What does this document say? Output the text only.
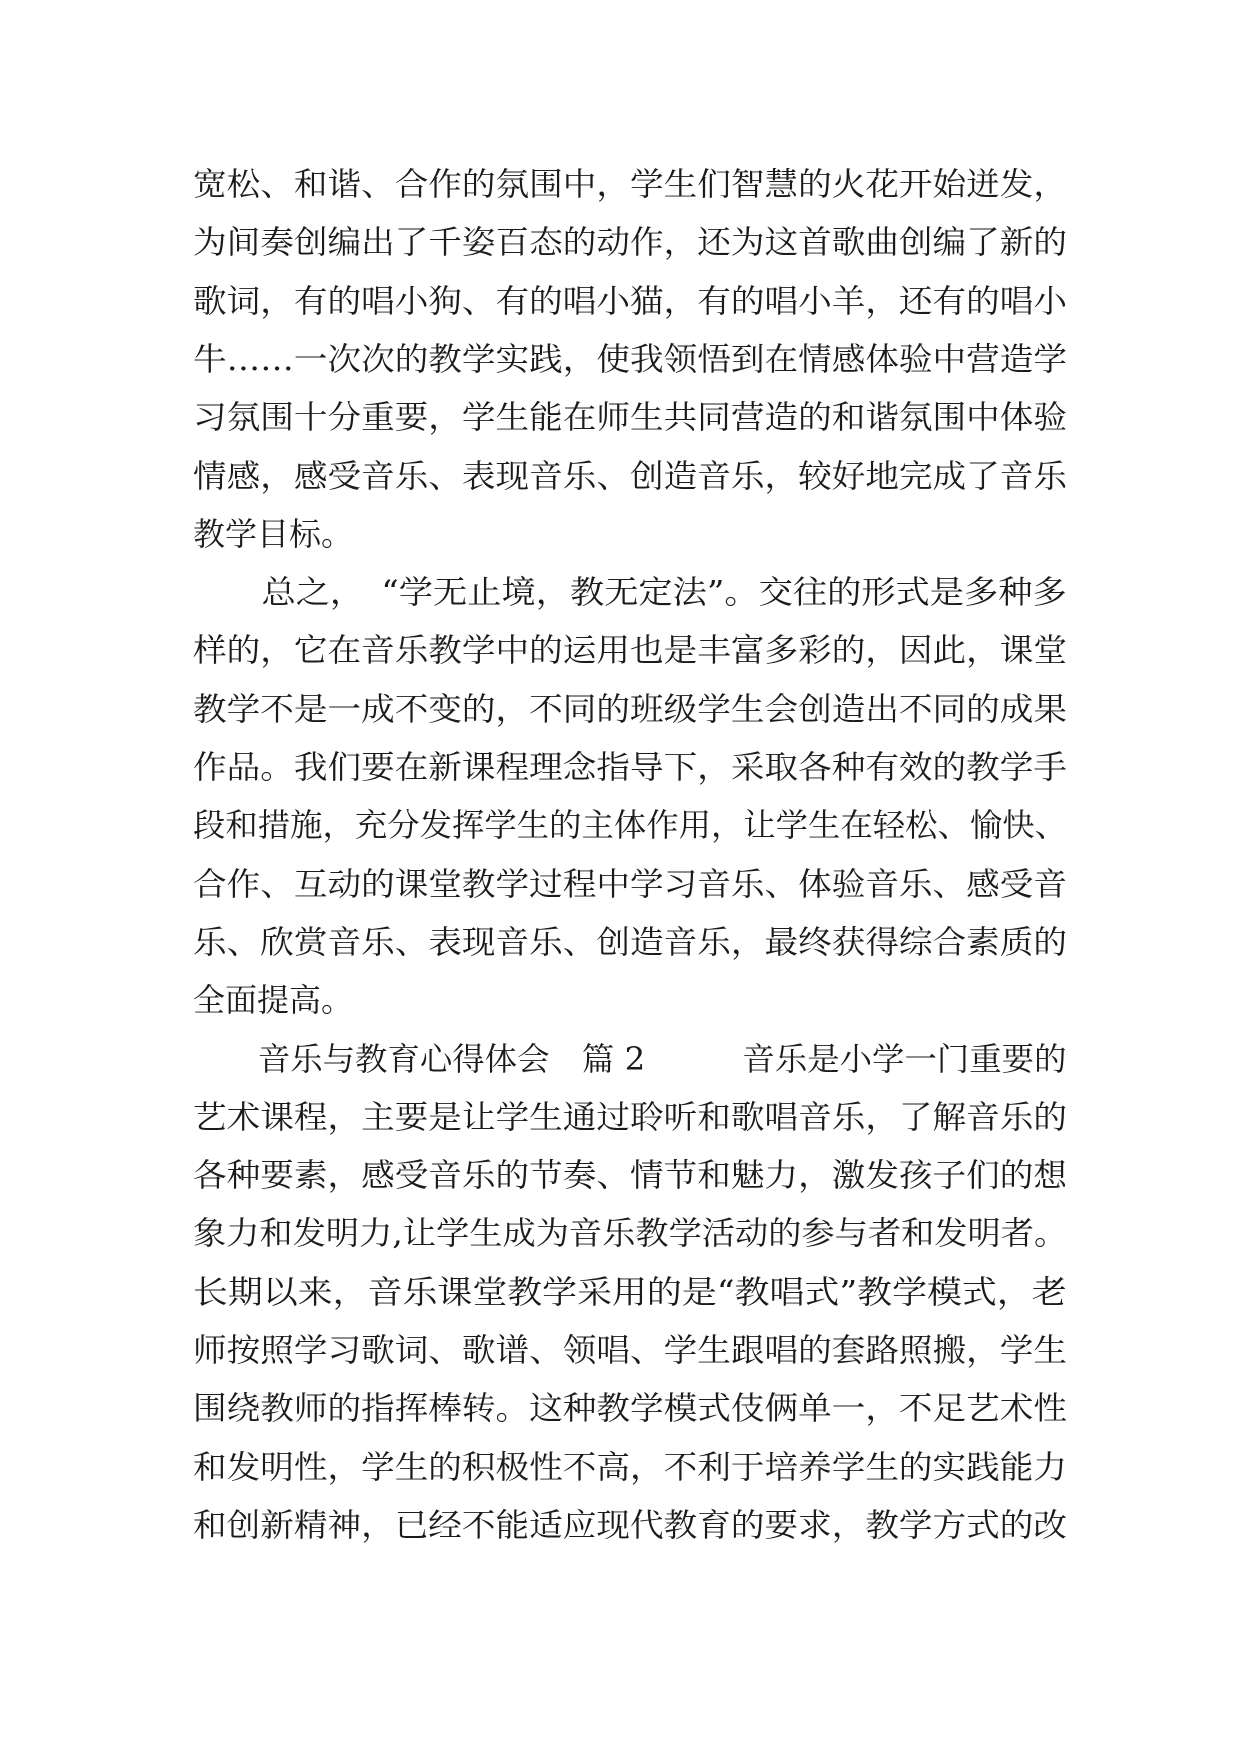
宽松、和谐、合作的氛围中，学生们智慧的火花开始迸发，
为间奏创编出了千姿百态的动作，还为这首歌曲创编了新的
歌词，有的唱小狗、有的唱小猫，有的唱小羊，还有的唱小
牛……一次次的教学实践，使我领悟到在情感体验中营造学
习氛围十分重要，学生能在师生共同营造的和谐氛围中体验
情感，感受音乐、表现音乐、创造音乐，较好地完成了音乐
教学目标。
　　总之，　“学无止境，教无定法”。交往的形式是多种多
样的，它在音乐教学中的运用也是丰富多彩的，因此，课堂
教学不是一成不变的，不同的班级学生会创造出不同的成果
作品。我们要在新课程理念指导下，采取各种有效的教学手
段和措施，充分发挥学生的主体作用，让学生在轻松、愉快、
合作、互动的课堂教学过程中学习音乐、体验音乐、感受音
乐、欣赏音乐、表现音乐、创造音乐，最终获得综合素质的
全面提高。
　　音乐与教育心得体会　篇 2　　　音乐是小学一门重要的
艺术课程，主要是让学生通过聆听和歌唱音乐，了解音乐的
各种要素，感受音乐的节奏、情节和魅力，激发孩子们的想
象力和发明力,让学生成为音乐教学活动的参与者和发明者。
长期以来，音乐课堂教学采用的是“教唱式”教学模式，老
师按照学习歌词、歌谱、领唱、学生跟唱的套路照搬，学生
围绕教师的指挥棒转。这种教学模式伎俩单一，不足艺术性
和发明性，学生的积极性不高，不利于培养学生的实践能力
和创新精神，已经不能适应现代教育的要求，教学方式的改
